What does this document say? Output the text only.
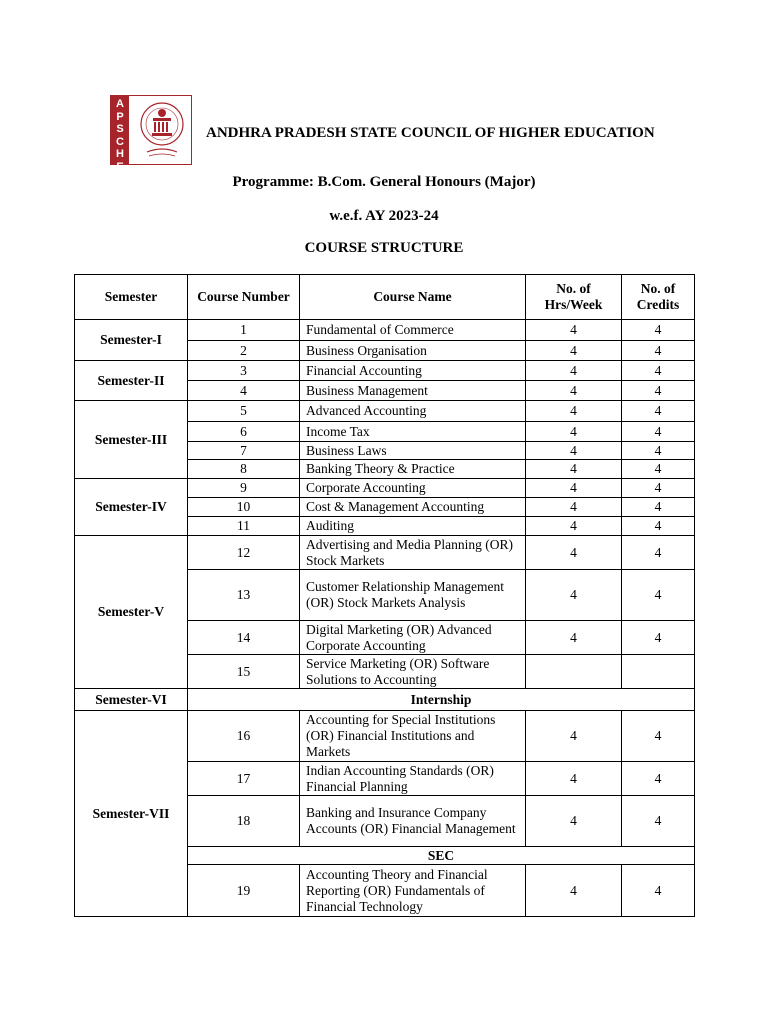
A
P
S
C
H
E
ANDHRA PRADESH STATE COUNCIL OF HIGHER EDUCATION
Programme: B.Com. General Honours (Major)
w.e.f. AY 2023-24
COURSE STRUCTURE
Semester	Course Number	Course Name	No. of Hrs/Week	No. of Credits
Semester-I	1	Fundamental of Commerce	4	4
	2	Business Organisation	4	4
Semester-II	3	Financial Accounting	4	4
	4	Business Management	4	4
Semester-III	5	Advanced Accounting	4	4
	6	Income Tax	4	4
	7	Business Laws	4	4
	8	Banking Theory & Practice	4	4
Semester-IV	9	Corporate Accounting	4	4
	10	Cost & Management Accounting	4	4
	11	Auditing	4	4
Semester-V	12	Advertising and Media Planning (OR) Stock Markets	4	4
	13	Customer Relationship Management (OR) Stock Markets Analysis	4	4
	14	Digital Marketing (OR) Advanced Corporate Accounting	4	4
	15	Service Marketing (OR) Software Solutions to Accounting		
Semester-VI	Internship			
Semester-VII	16	Accounting for Special Institutions (OR) Financial Institutions and Markets	4	4
	17	Indian Accounting Standards (OR) Financial Planning	4	4
	18	Banking and Insurance Company Accounts (OR) Financial Management	4	4
	SEC			
	19	Accounting Theory and Financial Reporting (OR) Fundamentals of Financial Technology	4	4
